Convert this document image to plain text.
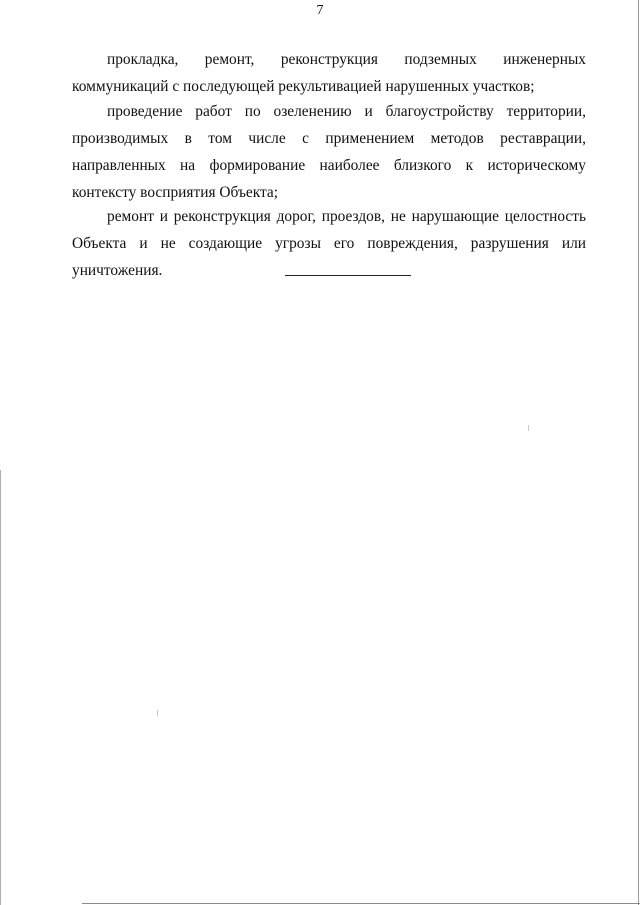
7

прокладка, ремонт, реконструкция подземных инженерных коммуникаций с последующей рекультивацией нарушенных участков;

проведение работ по озеленению и благоустройству территории, производимых в том числе с применением методов реставрации, направленных на формирование наиболее близкого к историческому контексту восприятия Объекта;

ремонт и реконструкция дорог, проездов, не нарушающие целостность Объекта и не создающие угрозы его повреждения, разрушения или уничтожения.
